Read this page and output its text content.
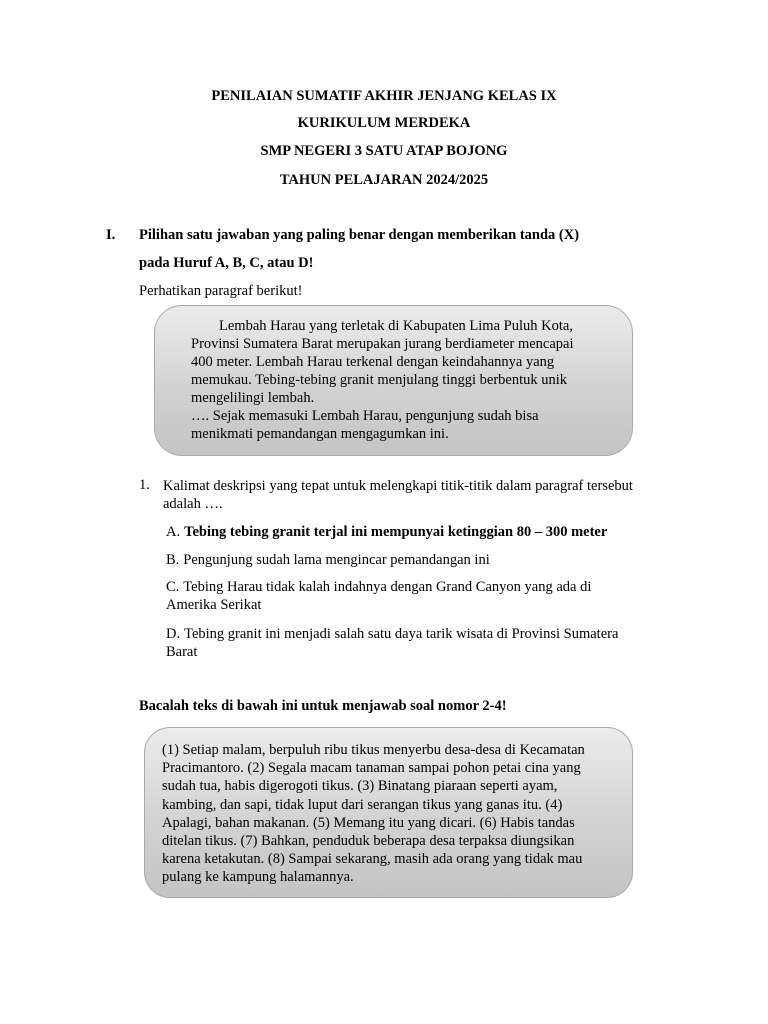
PENILAIAN SUMATIF AKHIR JENJANG KELAS IX
KURIKULUM MERDEKA
SMP NEGERI 3 SATU ATAP BOJONG
TAHUN PELAJARAN 2024/2025
I. Pilihan satu jawaban yang paling benar dengan memberikan tanda (X)
pada Huruf A, B, C, atau D!
Perhatikan paragraf berikut!
Lembah Harau yang terletak di Kabupaten Lima Puluh Kota,
Provinsi Sumatera Barat merupakan jurang berdiameter mencapai
400 meter. Lembah Harau terkenal dengan keindahannya yang
memukau. Tebing-tebing granit menjulang tinggi berbentuk unik
mengelilingi lembah.
…. Sejak memasuki Lembah Harau, pengunjung sudah bisa
menikmati pemandangan mengagumkan ini.
1. Kalimat deskripsi yang tepat untuk melengkapi titik-titik dalam paragraf tersebut
adalah ….
A. Tebing tebing granit terjal ini mempunyai ketinggian 80 – 300 meter
B. Pengunjung sudah lama mengincar pemandangan ini
C. Tebing Harau tidak kalah indahnya dengan Grand Canyon yang ada di
Amerika Serikat
D. Tebing granit ini menjadi salah satu daya tarik wisata di Provinsi Sumatera
Barat
Bacalah teks di bawah ini untuk menjawab soal nomor 2-4!
(1) Setiap malam, berpuluh ribu tikus menyerbu desa-desa di Kecamatan
Pracimantoro. (2) Segala macam tanaman sampai pohon petai cina yang
sudah tua, habis digerogoti tikus. (3) Binatang piaraan seperti ayam,
kambing, dan sapi, tidak luput dari serangan tikus yang ganas itu. (4)
Apalagi, bahan makanan. (5) Memang itu yang dicari. (6) Habis tandas
ditelan tikus. (7) Bahkan, penduduk beberapa desa terpaksa diungsikan
karena ketakutan. (8) Sampai sekarang, masih ada orang yang tidak mau
pulang ke kampung halamannya.
